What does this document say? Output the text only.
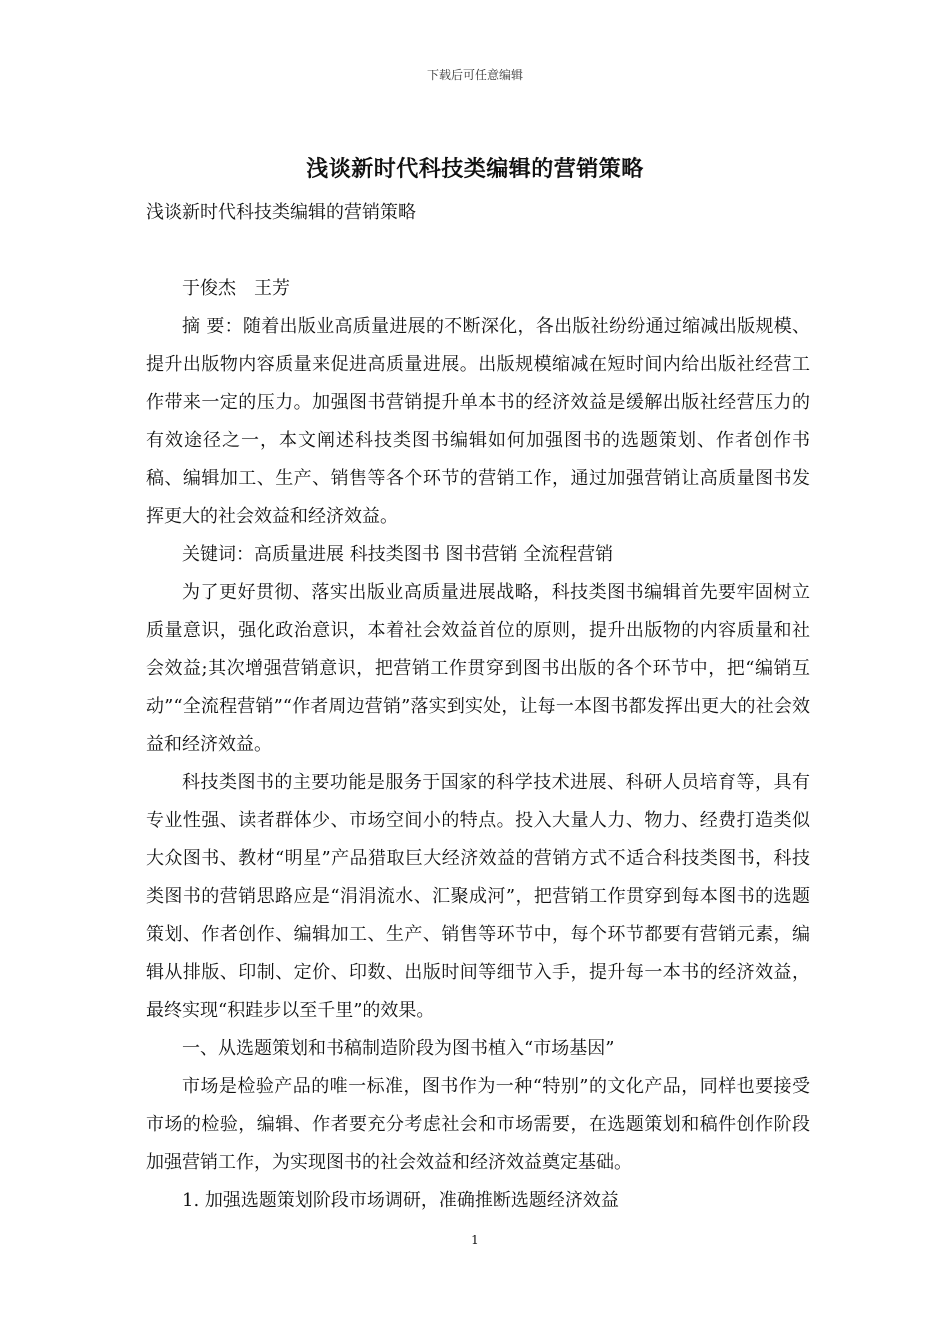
下载后可任意编辑
浅谈新时代科技类编辑的营销策略

浅谈新时代科技类编辑的营销策略

于俊杰　王芳

摘 要：随着出版业高质量进展的不断深化，各出版社纷纷通过缩减出版规模、提升出版物内容质量来促进高质量进展。出版规模缩减在短时间内给出版社经营工作带来一定的压力。加强图书营销提升单本书的经济效益是缓解出版社经营压力的有效途径之一，本文阐述科技类图书编辑如何加强图书的选题策划、作者创作书稿、编辑加工、生产、销售等各个环节的营销工作，通过加强营销让高质量图书发挥更大的社会效益和经济效益。

关键词：高质量进展 科技类图书 图书营销 全流程营销

为了更好贯彻、落实出版业高质量进展战略，科技类图书编辑首先要牢固树立质量意识，强化政治意识，本着社会效益首位的原则，提升出版物的内容质量和社会效益;其次增强营销意识，把营销工作贯穿到图书出版的各个环节中，把“编销互动”“全流程营销”“作者周边营销”落实到实处，让每一本图书都发挥出更大的社会效益和经济效益。

科技类图书的主要功能是服务于国家的科学技术进展、科研人员培育等，具有专业性强、读者群体少、市场空间小的特点。投入大量人力、物力、经费打造类似大众图书、教材“明星”产品猎取巨大经济效益的营销方式不适合科技类图书，科技类图书的营销思路应是“涓涓流水、汇聚成河”，把营销工作贯穿到每本图书的选题策划、作者创作、编辑加工、生产、销售等环节中，每个环节都要有营销元素，编辑从排版、印制、定价、印数、出版时间等细节入手，提升每一本书的经济效益，最终实现“积跬步以至千里”的效果。

一、从选题策划和书稿制造阶段为图书植入“市场基因”

市场是检验产品的唯一标准，图书作为一种“特别”的文化产品，同样也要接受市场的检验，编辑、作者要充分考虑社会和市场需要，在选题策划和稿件创作阶段加强营销工作，为实现图书的社会效益和经济效益奠定基础。

1. 加强选题策划阶段市场调研，准确推断选题经济效益

1
